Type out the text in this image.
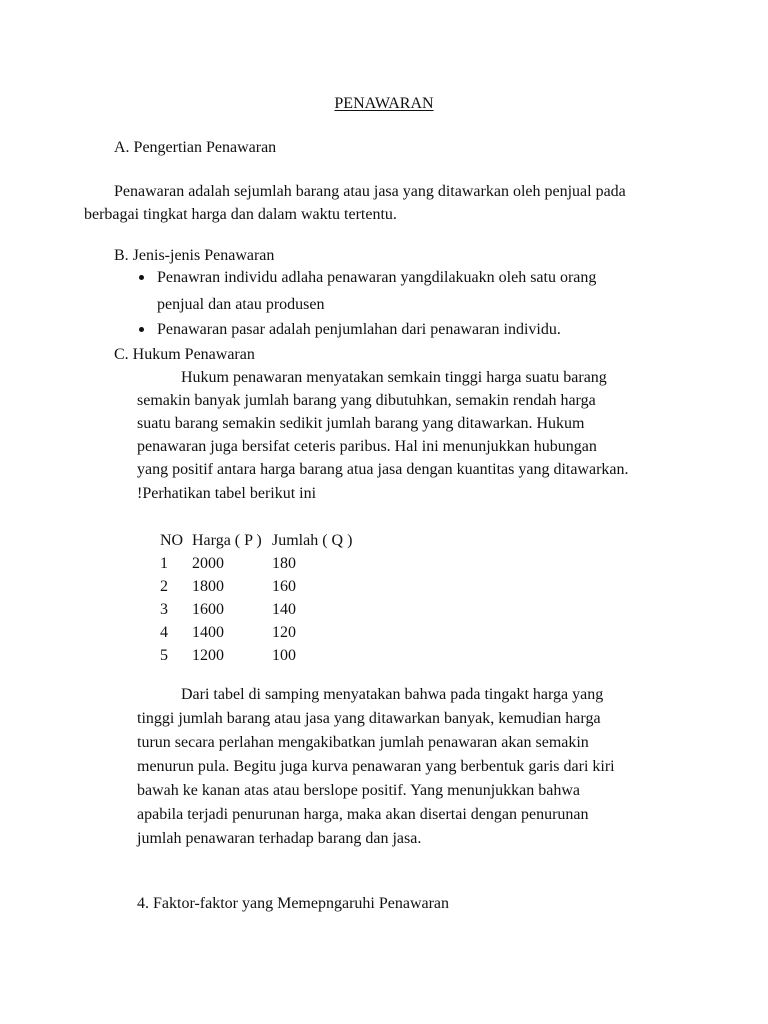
PENAWARAN
A. Pengertian Penawaran
Penawaran adalah sejumlah barang atau jasa yang ditawarkan oleh penjual pada
berbagai tingkat harga dan dalam waktu tertentu.
B. Jenis-jenis Penawaran
Penawran individu adlaha penawaran yangdilakuakn oleh satu orang
penjual dan atau produsen
Penawaran pasar adalah penjumlahan dari penawaran individu.
C. Hukum Penawaran
Hukum penawaran menyatakan semkain tinggi harga suatu barang
semakin banyak jumlah barang yang dibutuhkan, semakin rendah harga
suatu barang semakin sedikit jumlah barang yang ditawarkan. Hukum
penawaran juga bersifat ceteris paribus. Hal ini menunjukkan hubungan
yang positif antara harga barang atua jasa dengan kuantitas yang ditawarkan.
!Perhatikan tabel berikut ini
NO	Harga ( P )	Jumlah ( Q )
1	2000	180
2	1800	160
3	1600	140
4	1400	120
5	1200	100
Dari tabel di samping menyatakan bahwa pada tingakt harga yang
tinggi jumlah barang atau jasa yang ditawarkan banyak, kemudian harga
turun secara perlahan mengakibatkan jumlah penawaran akan semakin
menurun pula. Begitu juga kurva penawaran yang berbentuk garis dari kiri
bawah ke kanan atas atau berslope positif. Yang menunjukkan bahwa
apabila terjadi penurunan harga, maka akan disertai dengan penurunan
jumlah penawaran terhadap barang dan jasa.
4. Faktor-faktor yang Memepngaruhi Penawaran
